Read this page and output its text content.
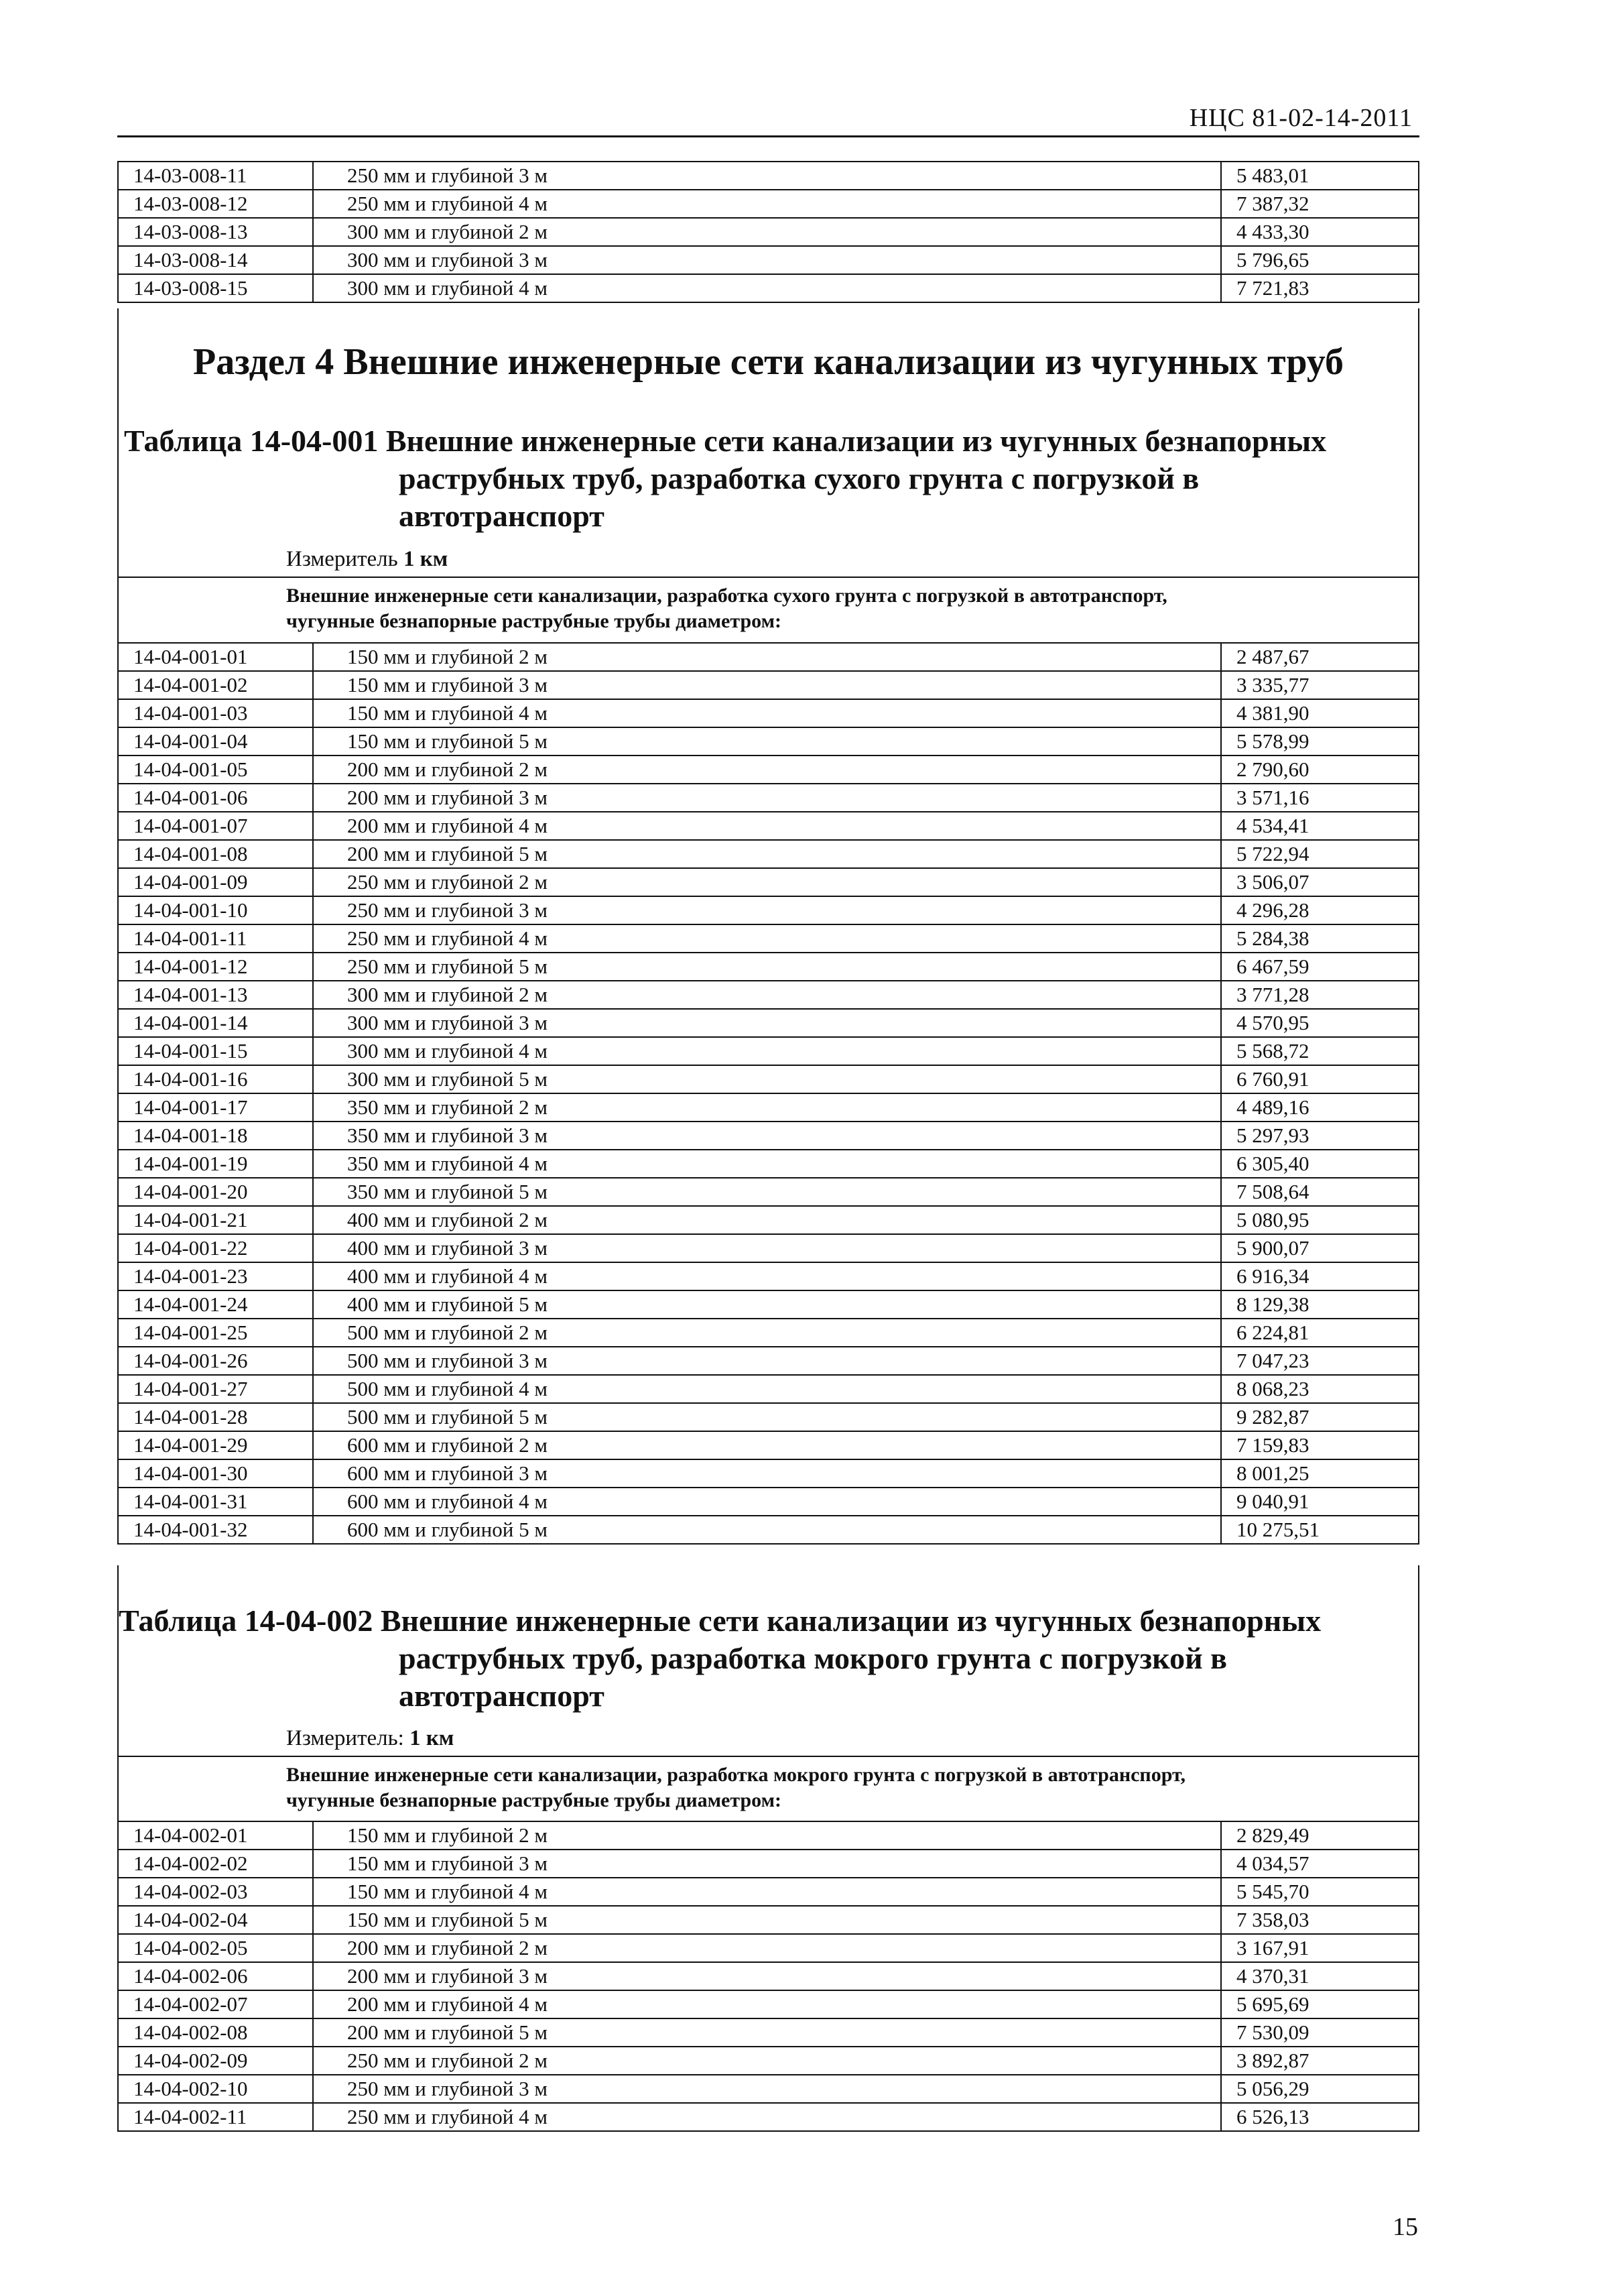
НЦС 81-02-14-2011
14-03-008-11	250 мм и глубиной 3 м	5 483,01
14-03-008-12	250 мм и глубиной 4 м	7 387,32
14-03-008-13	300 мм и глубиной 2 м	4 433,30
14-03-008-14	300 мм и глубиной 3 м	5 796,65
14-03-008-15	300 мм и глубиной 4 м	7 721,83
Раздел 4 Внешние инженерные сети канализации из чугунных труб
Таблица 14-04-001 Внешние инженерные сети канализации из чугунных безнапорных
раструбных труб, разработка сухого грунта с погрузкой в
автотранспорт
Измеритель 1 км
Внешние инженерные сети канализации, разработка сухого грунта с погрузкой в автотранспорт,
чугунные безнапорные раструбные трубы диаметром:
14-04-001-01	150 мм и глубиной 2 м	2 487,67
14-04-001-02	150 мм и глубиной 3 м	3 335,77
14-04-001-03	150 мм и глубиной 4 м	4 381,90
14-04-001-04	150 мм и глубиной 5 м	5 578,99
14-04-001-05	200 мм и глубиной 2 м	2 790,60
14-04-001-06	200 мм и глубиной 3 м	3 571,16
14-04-001-07	200 мм и глубиной 4 м	4 534,41
14-04-001-08	200 мм и глубиной 5 м	5 722,94
14-04-001-09	250 мм и глубиной 2 м	3 506,07
14-04-001-10	250 мм и глубиной 3 м	4 296,28
14-04-001-11	250 мм и глубиной 4 м	5 284,38
14-04-001-12	250 мм и глубиной 5 м	6 467,59
14-04-001-13	300 мм и глубиной 2 м	3 771,28
14-04-001-14	300 мм и глубиной 3 м	4 570,95
14-04-001-15	300 мм и глубиной 4 м	5 568,72
14-04-001-16	300 мм и глубиной 5 м	6 760,91
14-04-001-17	350 мм и глубиной 2 м	4 489,16
14-04-001-18	350 мм и глубиной 3 м	5 297,93
14-04-001-19	350 мм и глубиной 4 м	6 305,40
14-04-001-20	350 мм и глубиной 5 м	7 508,64
14-04-001-21	400 мм и глубиной 2 м	5 080,95
14-04-001-22	400 мм и глубиной 3 м	5 900,07
14-04-001-23	400 мм и глубиной 4 м	6 916,34
14-04-001-24	400 мм и глубиной 5 м	8 129,38
14-04-001-25	500 мм и глубиной 2 м	6 224,81
14-04-001-26	500 мм и глубиной 3 м	7 047,23
14-04-001-27	500 мм и глубиной 4 м	8 068,23
14-04-001-28	500 мм и глубиной 5 м	9 282,87
14-04-001-29	600 мм и глубиной 2 м	7 159,83
14-04-001-30	600 мм и глубиной 3 м	8 001,25
14-04-001-31	600 мм и глубиной 4 м	9 040,91
14-04-001-32	600 мм и глубиной 5 м	10 275,51
Таблица 14-04-002 Внешние инженерные сети канализации из чугунных безнапорных
раструбных труб, разработка мокрого грунта с погрузкой в
автотранспорт
Измеритель: 1 км
Внешние инженерные сети канализации, разработка мокрого грунта с погрузкой в автотранспорт,
чугунные безнапорные раструбные трубы диаметром:
14-04-002-01	150 мм и глубиной 2 м	2 829,49
14-04-002-02	150 мм и глубиной 3 м	4 034,57
14-04-002-03	150 мм и глубиной 4 м	5 545,70
14-04-002-04	150 мм и глубиной 5 м	7 358,03
14-04-002-05	200 мм и глубиной 2 м	3 167,91
14-04-002-06	200 мм и глубиной 3 м	4 370,31
14-04-002-07	200 мм и глубиной 4 м	5 695,69
14-04-002-08	200 мм и глубиной 5 м	7 530,09
14-04-002-09	250 мм и глубиной 2 м	3 892,87
14-04-002-10	250 мм и глубиной 3 м	5 056,29
14-04-002-11	250 мм и глубиной 4 м	6 526,13
15
